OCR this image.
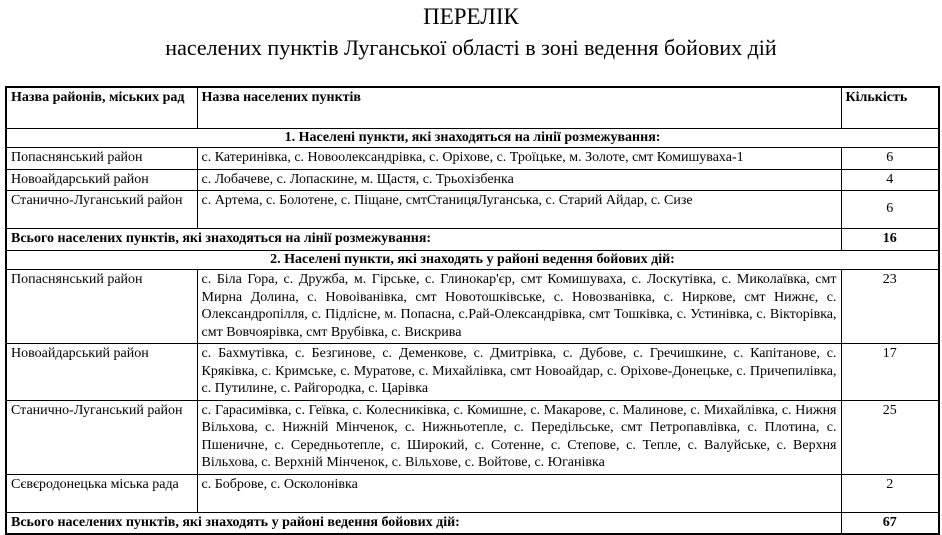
ПЕРЕЛІК
населених пунктів Луганської області в зоні ведення бойових дій
Назва районів, міських рад	Назва населених пунктів	Кількість
1. Населені пункти, які знаходяться на лінії розмежування:		
Попаснянський район	с. Катеринівка, с. Новоолександрівка, с. Оріхове, с. Троїцьке, м. Золоте, смт Комишуваха-1	6
Новоайдарський район	с. Лобачеве, с. Лопаскине, м. Щастя, с. Трьохізбенка	4
Станично-Луганський район	с. Артема, с. Болотене, с. Піщане, смтСтаницяЛуганська, с. Старий Айдар, с. Сизе	6
Всього населених пунктів, які знаходяться на лінії розмежування:		16
2. Населені пункти, які знаходять у районі ведення бойових дій:		
Попаснянський район	с. Біла Гора, с. Дружба, м. Гірське, с. Глинокар'єр, смт Комишуваха, с. Лоскутівка, с. Миколаївка, смт Мирна Долина, с. Новоіванівка, смт Новотошківське, с. Новозванівка, с. Ниркове, смт Нижнє, с. Олександропілля, с. Підлісне, м. Попасна, с.Рай-Олександрівка, смт Тошківка, с. Устинівка, с. Вікторівка, смт Вовчоярівка, смт Врубівка, с. Вискрива	23
Новоайдарський район	с. Бахмутівка, с. Безгинове, с. Деменкове, с. Дмитрівка, с. Дубове, с. Гречишкине, с. Капітанове, с. Кряківка, с. Кримське, с. Муратове, с. Михайлівка, смт Новоайдар, с. Оріхове-Донецьке, с. Причепилівка, с. Путилине, с. Райгородка, с. Царівка	17
Станично-Луганський район	с. Гарасимівка, с. Геївка, с. Колесниківка, с. Комишне, с. Макарове, с. Малинове, с. Михайлівка, с. Нижня Вільхова, с. Нижній Мінченок, с. Нижньотепле, с. Передільське, смт Петропавлівка, с. Плотина, с. Пшеничне, с. Середньотепле, с. Широкий, с. Сотенне, с. Степове, с. Тепле, с. Валуйське, с. Верхня Вільхова, с. Верхній Мінченок, с. Вільхове, с. Войтове, с. Юганівка	25
Сєвєродонецька міська рада	с. Боброве, с. Осколонівка	2
Всього населених пунктів, які знаходять у районі ведення бойових дій:		67
